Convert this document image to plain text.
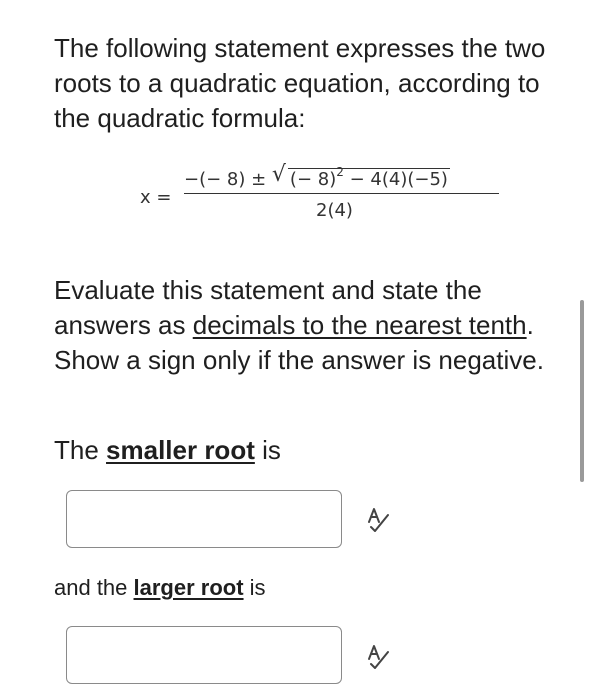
The following statement expresses the two roots to a quadratic equation, according to the quadratic formula:

x =
−(− 8) ± √ (− 8)$^2$ − 4(4)(−5)
2(4)

Evaluate this statement and state the answers as decimals to the nearest tenth. Show a sign only if the answer is negative.

The smaller root is

and the larger root is
